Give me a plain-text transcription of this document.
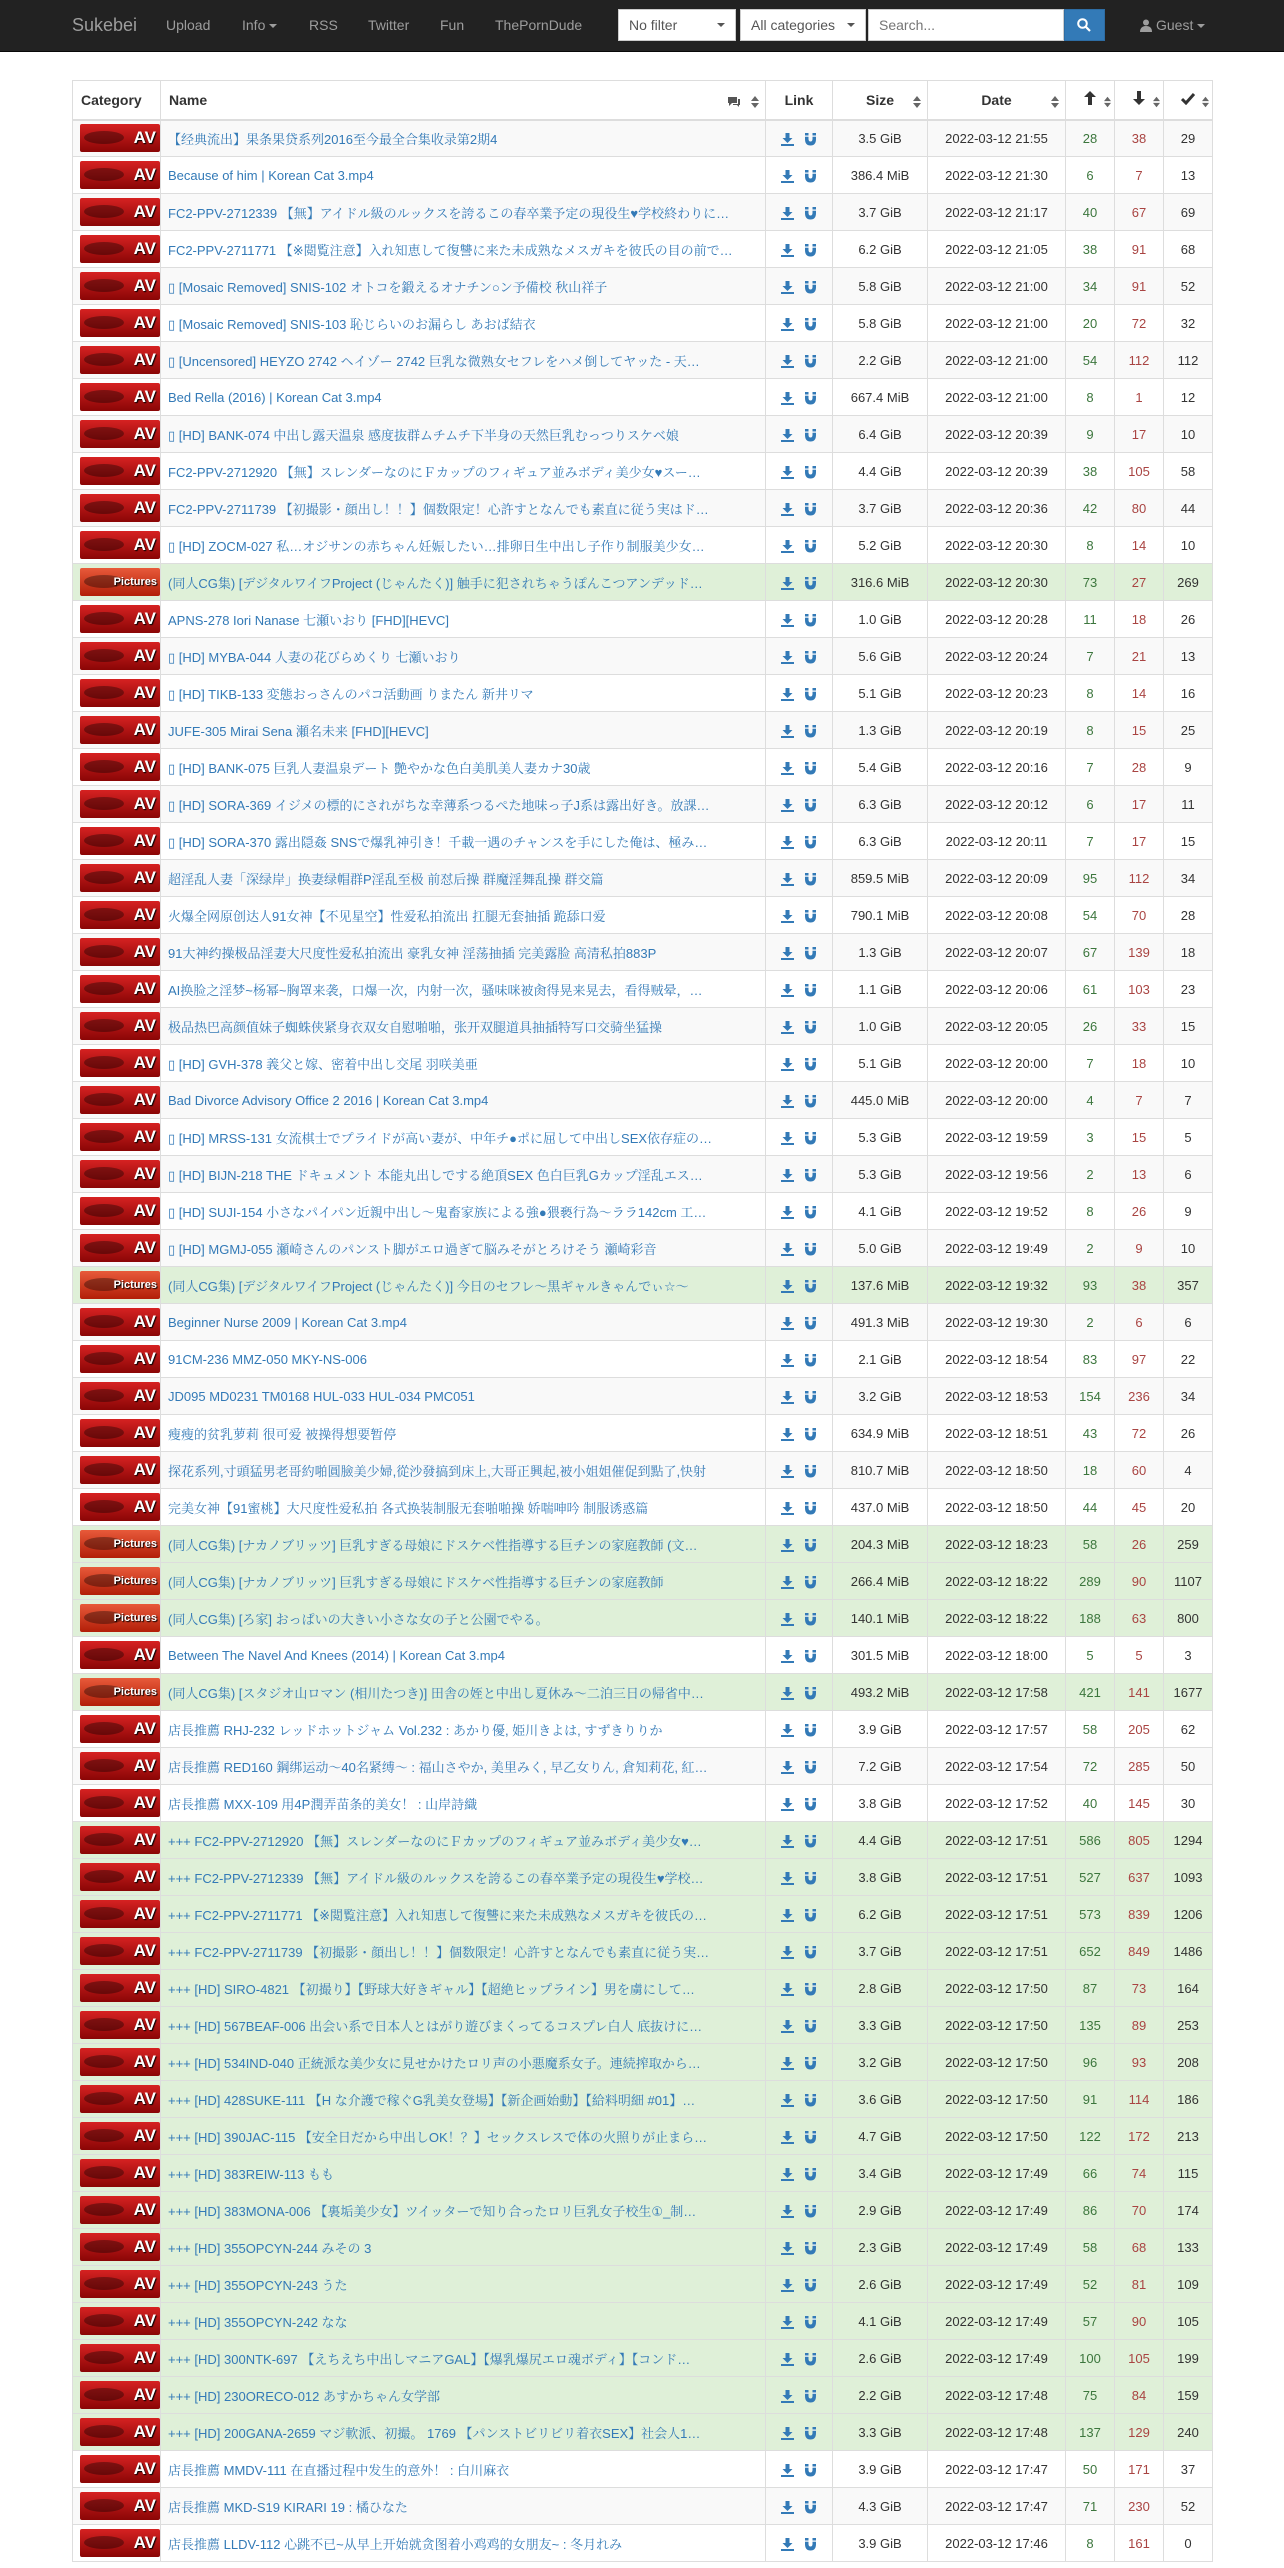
Sukebei Upload Info	RSS Twitter Fun ThePornDude	No filter	All categories
Search...	Guest
Category	Name	Link	Size	Date

AV	【经典流出】果条果贷系列2016至今最全合集收录第2期4		3.5 GiB	2022-03-12 21:55	28	38	29

AV	Because of him | Korean Cat 3.mp4		386.4 MiB	2022-03-12 21:30	6	7	13

AV	FC2-PPV-2712339 【無】アイドル級のルックスを誇るこの春卒業予定の現役生♥学校終わりに…		3.7 GiB	2022-03-12 21:17	40	67	69

AV	FC2-PPV-2711771 【※閲覧注意】入れ知恵して復讐に来た未成熟なメスガキを彼氏の目の前で…		6.2 GiB	2022-03-12 21:05	38	91	68

AV	▯ [Mosaic Removed] SNIS-102 オトコを鍛えるオナチン○ン予備校 秋山祥子		5.8 GiB	2022-03-12 21:00	34	91	52

AV	▯ [Mosaic Removed] SNIS-103 恥じらいのお漏らし あおば結衣		5.8 GiB	2022-03-12 21:00	20	72	32

AV	▯ [Uncensored] HEYZO 2742 ヘイゾー 2742 巨乳な微熟女セフレをハメ倒してヤッた - 天…		2.2 GiB	2022-03-12 21:00	54	112	112

AV	Bed Rella (2016) | Korean Cat 3.mp4		667.4 MiB	2022-03-12 21:00	8	1	12

AV	▯ [HD] BANK-074 中出し露天温泉 感度抜群ムチムチ下半身の天然巨乳むっつりスケベ娘		6.4 GiB	2022-03-12 20:39	9	17	10

AV	FC2-PPV-2712920 【無】スレンダーなのにＦカップのフィギュア並みボディ美少女♥スー…		4.4 GiB	2022-03-12 20:39	38	105	58

AV	FC2-PPV-2711739 【初撮影・顔出し！！】個数限定！心許すとなんでも素直に従う実はド…		3.7 GiB	2022-03-12 20:36	42	80	44

AV	▯ [HD] ZOCM-027 私…オジサンの赤ちゃん妊娠したい…排卵日生中出し子作り制服美少女…		5.2 GiB	2022-03-12 20:30	8	14	10

Pictures	(同人CG集) [デジタルワイフProject (じゃんたく)] 触手に犯されちゃうぽんこつアンデッド…		316.6 MiB	2022-03-12 20:30	73	27	269

AV	APNS-278 Iori Nanase 七瀬いおり [FHD][HEVC]		1.0 GiB	2022-03-12 20:28	11	18	26

AV	▯ [HD] MYBA-044 人妻の花びらめくり 七瀬いおり		5.6 GiB	2022-03-12 20:24	7	21	13

AV	▯ [HD] TIKB-133 変態おっさんのパコ活動画 りまたん 新井リマ		5.1 GiB	2022-03-12 20:23	8	14	16

AV	JUFE-305 Mirai Sena 瀬名未来 [FHD][HEVC]		1.3 GiB	2022-03-12 20:19	8	15	25

AV	▯ [HD] BANK-075 巨乳人妻温泉デート 艶やかな色白美肌美人妻カナ30歳		5.4 GiB	2022-03-12 20:16	7	28	9

AV	▯ [HD] SORA-369 イジメの標的にされがちな幸薄系つるぺた地味っ子J系は露出好き。放課…		6.3 GiB	2022-03-12 20:12	6	17	11

AV	▯ [HD] SORA-370 露出隠姦 SNSで爆乳神引き！千載一遇のチャンスを手にした俺は、極み…		6.3 GiB	2022-03-12 20:11	7	17	15

AV	超淫乱人妻「深绿岸」换妻绿帽群P淫乱至极 前怼后操 群魔淫舞乱操 群交篇		859.5 MiB	2022-03-12 20:09	95	112	34

AV	火爆全网原创达人91女神【不见星空】性爱私拍流出 扛腿无套抽插 跪舔口爱		790.1 MiB	2022-03-12 20:08	54	70	28

AV	91大神约操极品淫妻大尺度性爱私拍流出 豪乳女神 淫荡抽插 完美露脸 高清私拍883P		1.3 GiB	2022-03-12 20:07	67	139	18

AV	AI换脸之淫梦~杨幂~胸罩来袭，口爆一次，内射一次，骚味咪被肏得晃来晃去，看得贼晕，…		1.1 GiB	2022-03-12 20:06	61	103	23

AV	极品热巴高颜值妹子蜘蛛侠紧身衣双女自慰啪啪，张开双腿道具抽插特写口交骑坐猛操		1.0 GiB	2022-03-12 20:05	26	33	15

AV	▯ [HD] GVH-378 義父と嫁、密着中出し交尾 羽咲美亜		5.1 GiB	2022-03-12 20:00	7	18	10

AV	Bad Divorce Advisory Office 2 2016 | Korean Cat 3.mp4		445.0 MiB	2022-03-12 20:00	4	7	7

AV	▯ [HD] MRSS-131 女流棋士でプライドが高い妻が、中年チ●ポに屈して中出しSEX依存症の…		5.3 GiB	2022-03-12 19:59	3	15	5

AV	▯ [HD] BIJN-218 THE ドキュメント 本能丸出しでする絶頂SEX 色白巨乳Gカップ淫乱エス…		5.3 GiB	2022-03-12 19:56	2	13	6

AV	▯ [HD] SUJI-154 小さなパイパン近親中出し～鬼畜家族による強●猥褻行為～ララ142cm 工…		4.1 GiB	2022-03-12 19:52	8	26	9

AV	▯ [HD] MGMJ-055 瀬崎さんのパンスト脚がエロ過ぎて脳みそがとろけそう 瀬崎彩音		5.0 GiB	2022-03-12 19:49	2	9	10

Pictures	(同人CG集) [デジタルワイフProject (じゃんたく)] 今日のセフレ～黒ギャルきゃんでぃ☆～		137.6 MiB	2022-03-12 19:32	93	38	357

AV	Beginner Nurse 2009 | Korean Cat 3.mp4		491.3 MiB	2022-03-12 19:30	2	6	6

AV	91CM-236 MMZ-050 MKY-NS-006		2.1 GiB	2022-03-12 18:54	83	97	22

AV	JD095 MD0231 TM0168 HUL-033 HUL-034 PMC051		3.2 GiB	2022-03-12 18:53	154	236	34

AV	瘦瘦的贫乳萝莉 很可爱 被操得想要暂停		634.9 MiB	2022-03-12 18:51	43	72	26

AV	探花系列,寸頭猛男老哥約啪圓臉美少婦,從沙發搞到床上,大哥正興起,被小姐姐催促到點了,快射		810.7 MiB	2022-03-12 18:50	18	60	4

AV	完美女神【91蜜桃】大尺度性爱私拍 各式换装制服无套啪啪操 娇喘呻吟 制服诱惑篇		437.0 MiB	2022-03-12 18:50	44	45	20

Pictures	(同人CG集) [ナカノブリッツ] 巨乳すぎる母娘にドスケベ性指導する巨チンの家庭教師 (文…		204.3 MiB	2022-03-12 18:23	58	26	259

Pictures	(同人CG集) [ナカノブリッツ] 巨乳すぎる母娘にドスケベ性指導する巨チンの家庭教師		266.4 MiB	2022-03-12 18:22	289	90	1107

Pictures	(同人CG集) [ろ家] おっぱいの大きい小さな女の子と公園でやる。		140.1 MiB	2022-03-12 18:22	188	63	800

AV	Between The Navel And Knees (2014) | Korean Cat 3.mp4		301.5 MiB	2022-03-12 18:00	5	5	3

Pictures	(同人CG集) [スタジオ山ロマン (相川たつき)] 田舎の姪と中出し夏休み～二泊三日の帰省中…		493.2 MiB	2022-03-12 17:58	421	141	1677

AV	店長推薦 RHJ-232 レッドホットジャム Vol.232 : あかり優, 姫川きよは, すずきりりか		3.9 GiB	2022-03-12 17:57	58	205	62

AV	店長推薦 RED160 鋼绑运动～40名紧缚～ : 福山さやか, 美里みく, 早乙女りん, 倉知莉花, 紅…		7.2 GiB	2022-03-12 17:54	72	285	50

AV	店長推薦 MXX-109 用4P潤弄苗条的美女！ : 山岸詩織		3.8 GiB	2022-03-12 17:52	40	145	30

AV	+++ FC2-PPV-2712920 【無】スレンダーなのにＦカップのフィギュア並みボディ美少女♥…		4.4 GiB	2022-03-12 17:51	586	805	1294

AV	+++ FC2-PPV-2712339 【無】アイドル級のルックスを誇るこの春卒業予定の現役生♥学校…		3.8 GiB	2022-03-12 17:51	527	637	1093

AV	+++ FC2-PPV-2711771 【※閲覧注意】入れ知恵して復讐に来た未成熟なメスガキを彼氏の…		6.2 GiB	2022-03-12 17:51	573	839	1206

AV	+++ FC2-PPV-2711739 【初撮影・顔出し！！】個数限定！心許すとなんでも素直に従う実…		3.7 GiB	2022-03-12 17:51	652	849	1486

AV	+++ [HD] SIRO-4821 【初撮り】【野球大好きギャル】【超絶ヒップライン】男を虜にして…		2.8 GiB	2022-03-12 17:50	87	73	164

AV	+++ [HD] 567BEAF-006 出会い系で日本人とはがり遊びまくってるコスプレ白人 底抜けに…		3.3 GiB	2022-03-12 17:50	135	89	253

AV	+++ [HD] 534IND-040 正統派な美少女に見せかけたロリ声の小悪魔系女子。連続搾取から…		3.2 GiB	2022-03-12 17:50	96	93	208

AV	+++ [HD] 428SUKE-111 【H な介護で稼ぐG乳美女登場】【新企画始動】【給料明細 #01】…		3.6 GiB	2022-03-12 17:50	91	114	186

AV	+++ [HD] 390JAC-115 【安全日だから中出しOK！？】セックスレスで体の火照りが止まら…		4.7 GiB	2022-03-12 17:50	122	172	213

AV	+++ [HD] 383REIW-113 もも		3.4 GiB	2022-03-12 17:49	66	74	115

AV	+++ [HD] 383MONA-006 【裏垢美少女】ツイッターで知り合ったロリ巨乳女子校生①_制…		2.9 GiB	2022-03-12 17:49	86	70	174

AV	+++ [HD] 355OPCYN-244 みその 3		2.3 GiB	2022-03-12 17:49	58	68	133

AV	+++ [HD] 355OPCYN-243 うた		2.6 GiB	2022-03-12 17:49	52	81	109

AV	+++ [HD] 355OPCYN-242 なな		4.1 GiB	2022-03-12 17:49	57	90	105

AV	+++ [HD] 300NTK-697 【えちえち中出しマニアGAL】【爆乳爆尻エロ魂ボディ】【コンド…		2.6 GiB	2022-03-12 17:49	100	105	199

AV	+++ [HD] 230ORECO-012 あすかちゃん女学部		2.2 GiB	2022-03-12 17:48	75	84	159

AV	+++ [HD] 200GANA-2659 マジ軟派、初撮。 1769 【パンストビリビリ着衣SEX】社会人1…		3.3 GiB	2022-03-12 17:48	137	129	240

AV	店長推薦 MMDV-111 在直播过程中发生的意外！ : 白川麻衣		3.9 GiB	2022-03-12 17:47	50	171	37

AV	店長推薦 MKD-S19 KIRARI 19 : 橘ひなた		4.3 GiB	2022-03-12 17:47	71	230	52

AV	店長推薦 LLDV-112 心跳不已~从早上开始就贪图着小鸡鸡的女朋友~ : 冬月れみ		3.9 GiB	2022-03-12 17:46	8	161	0
